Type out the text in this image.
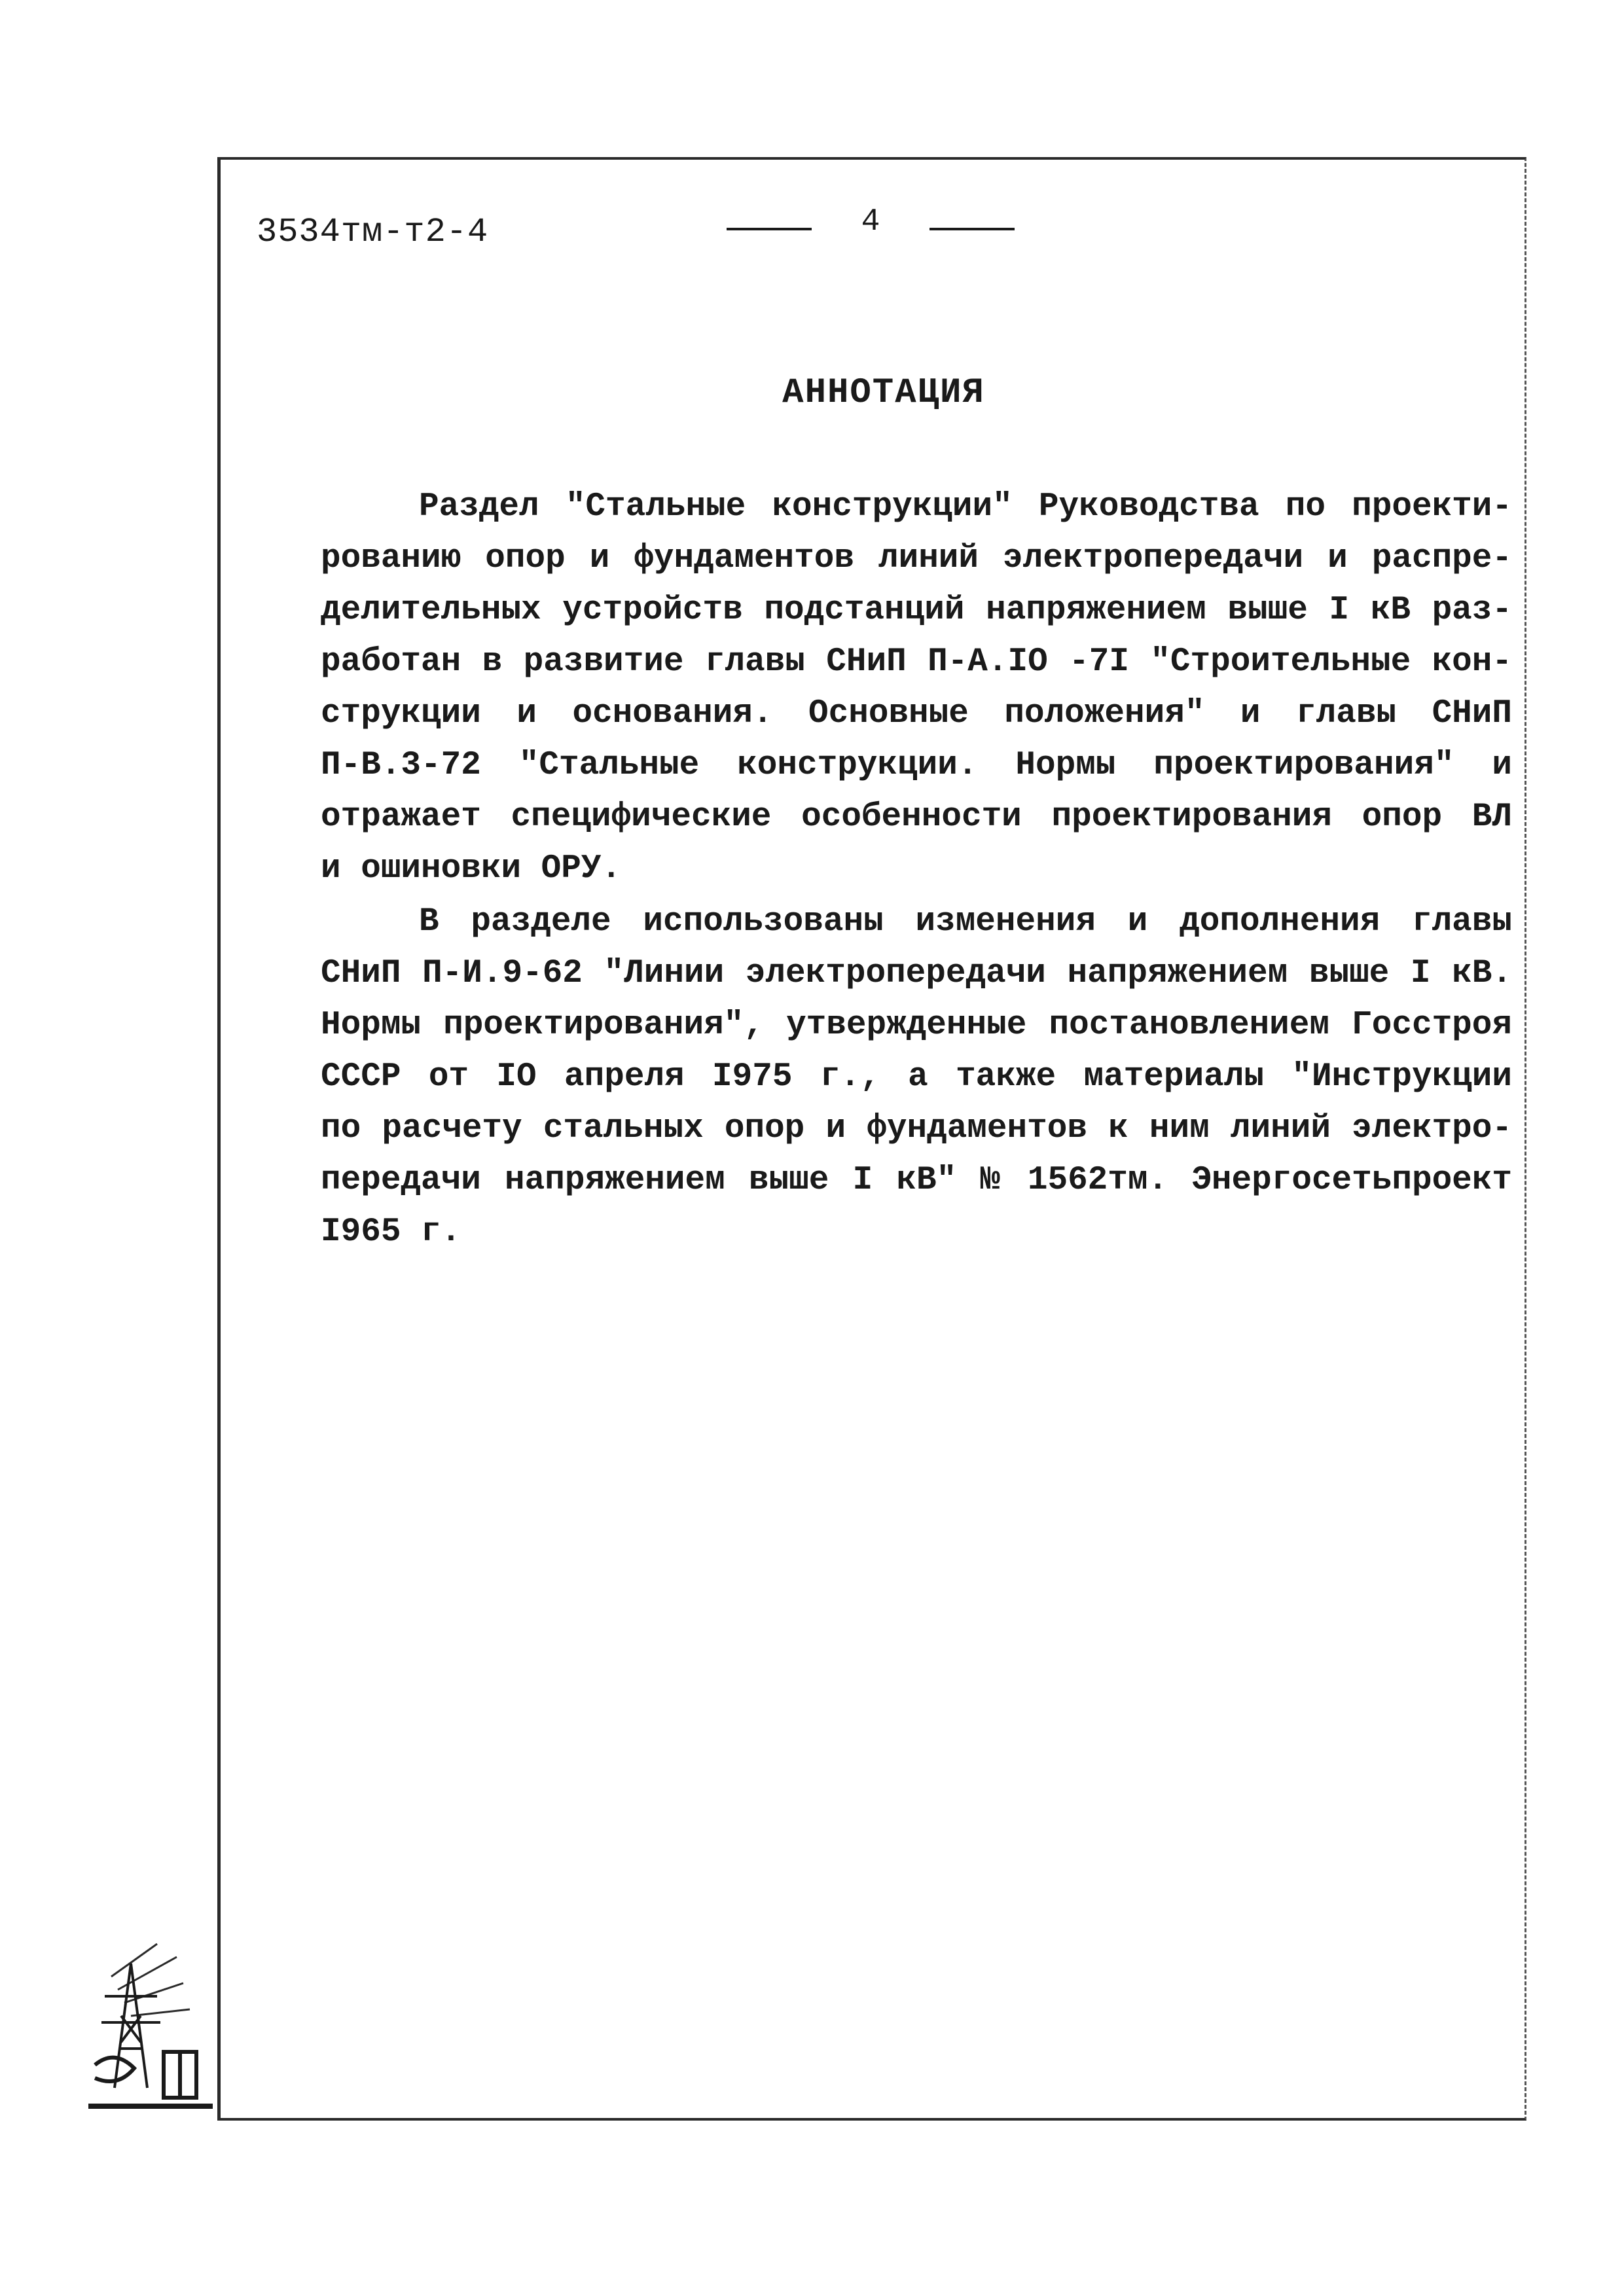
3534тм-т2-4	4
АННОТАЦИЯ

Раздел "Стальные конструкции" Руководства по проекти-
рованию опор и фундаментов линий электропередачи и распре-
делительных устройств подстанций напряжением выше I кВ раз-
работан в развитие главы СНиП П-А.IO -7I "Строительные кон-
струкции и основания. Основные положения" и главы СНиП
П-В.3-72 "Стальные конструкции. Нормы проектирования" и
отражает специфические особенности проектирования опор ВЛ
и ошиновки ОРУ.

В разделе использованы изменения и дополнения главы
СНиП П-И.9-62 "Линии электропередачи напряжением выше I кВ.
Нормы проектирования", утвержденные постановлением Госстроя
СССР от IO апреля I975 г., а также материалы "Инструкции
по расчету стальных опор и фундаментов к ним линий электро-
передачи напряжением выше I кВ" № 1562тм. Энергосетьпроект
I965 г.
